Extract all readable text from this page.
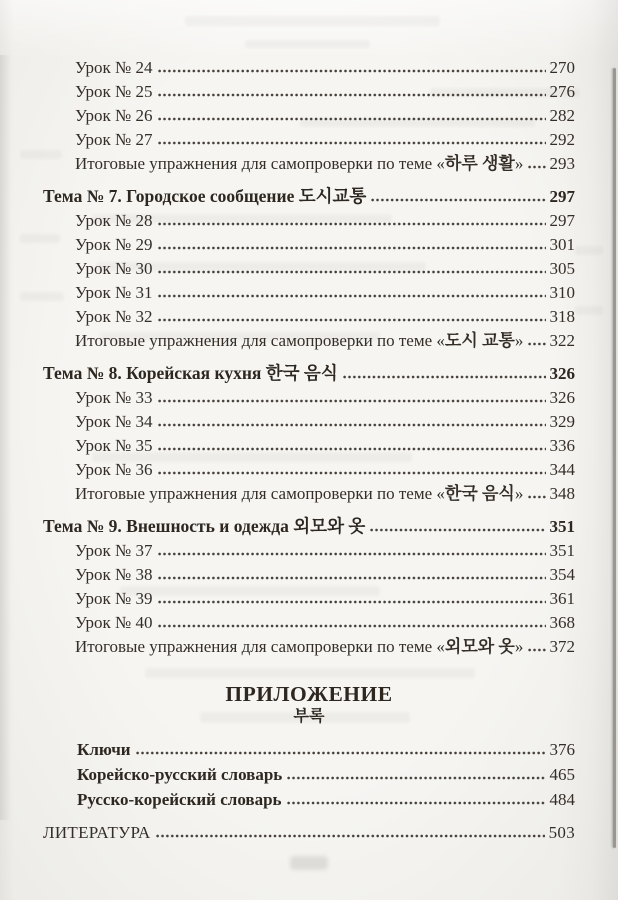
Урок № 24	270
Урок № 25	276
Урок № 26	282
Урок № 27	292
Итоговые упражнения для самопроверки по теме «하루 생활» 293
Тема № 7. Городское сообщение 도시교통	297
Урок № 28	297
Урок № 29	301
Урок № 30	305
Урок № 31	310
Урок № 32	318
Итоговые упражнения для самопроверки по теме «도시 교통» 322
Тема № 8. Корейская кухня 한국 음식	326
Урок № 33	326
Урок № 34	329
Урок № 35	336
Урок № 36	344
Итоговые упражнения для самопроверки по теме «한국 음식» 348
Тема № 9. Внешность и одежда 외모와 옷	351
Урок № 37	351
Урок № 38	354
Урок № 39	361
Урок № 40	368
Итоговые упражнения для самопроверки по теме «외모와 옷» 372
ПРИЛОЖЕНИЕ
부록
Ключи	376
Корейско-русский словарь	465
Русско-корейский словарь	484
ЛИТЕРАТУРА	503
